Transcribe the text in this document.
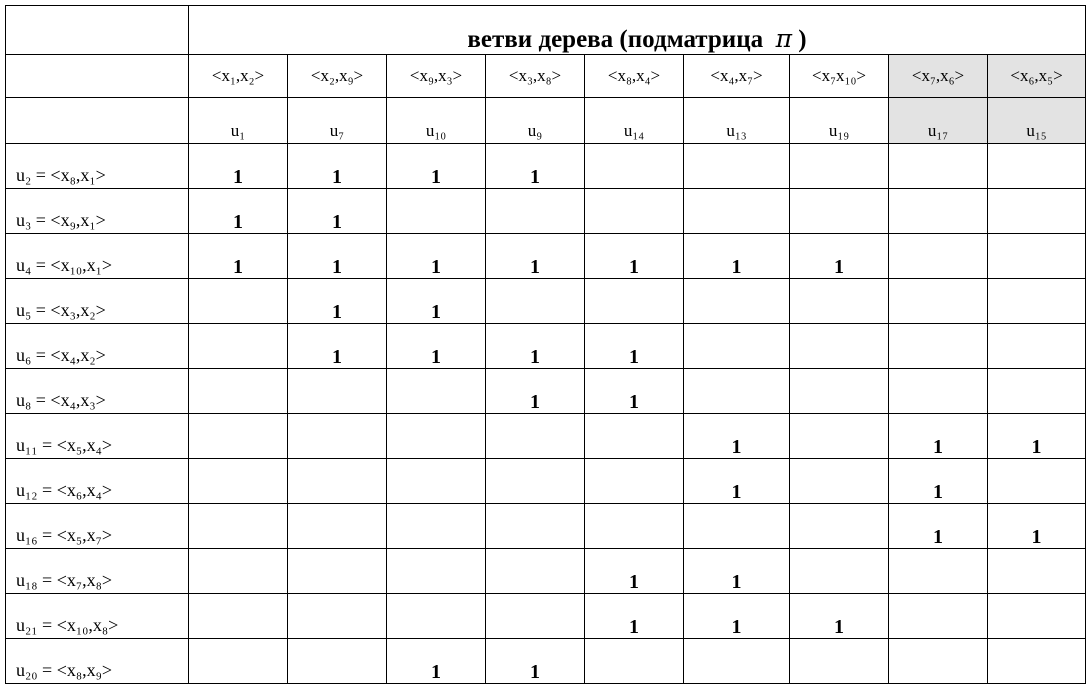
	ветви дерева (подматрица π )								
	<x₁,x₂>	<x₂,x₉>	<x₉,x₃>	<x₃,x₈>	<x₈,x₄>	<x₄,x₇>	<x₇x₁₀>	<x₇,x₆>	<x₆,x₅>
	u₁	u₇	u₁₀	u₉	u₁₄	u₁₃	u₁₉	u₁₇	u₁₅
u₂ = <x₈,x₁>	1	1	1	1					
u₃ = <x₉,x₁>	1	1							
u₄ = <x₁₀,x₁>	1	1	1	1	1	1	1		
u₅ = <x₃,x₂>		1	1						
u₆ = <x₄,x₂>		1	1	1	1				
u₈ = <x₄,x₃>				1	1				
u₁₁ = <x₅,x₄>						1		1	1
u₁₂ = <x₆,x₄>						1		1	
u₁₆ = <x₅,x₇>								1	1
u₁₈ = <x₇,x₈>					1	1			
u₂₁ = <x₁₀,x₈>					1	1	1		
u₂₀ = <x₈,x₉>			1	1					
